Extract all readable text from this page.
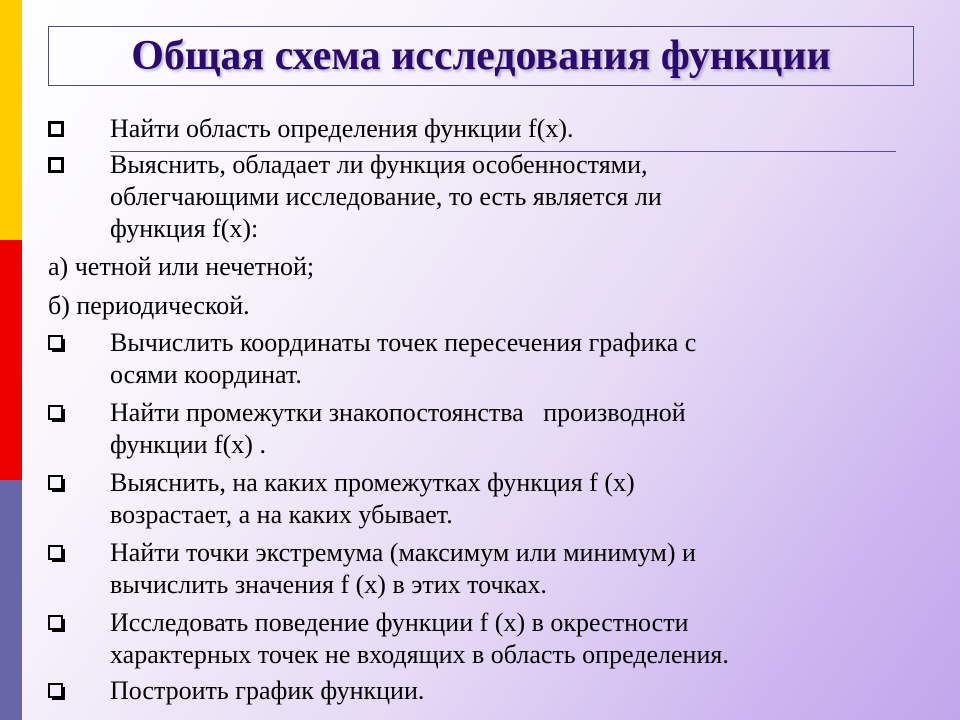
Общая схема исследования функции
Найти область определения функции f(x).
Выяснить, обладает ли функция особенностями,
облегчающими исследование, то есть является ли
функция f(x):
а) четной или нечетной;
б) периодической.
Вычислить координаты точек пересечения графика с
осями координат.
Найти промежутки знакопостоянства   производной
функции f(x) .
Выяснить, на каких промежутках функция f (x)
возрастает, а на каких убывает.
Найти точки экстремума (максимум или минимум) и
вычислить значения f (x) в этих точках.
Исследовать поведение функции f (x) в окрестности
характерных точек не входящих в область определения.
Построить график функции.
